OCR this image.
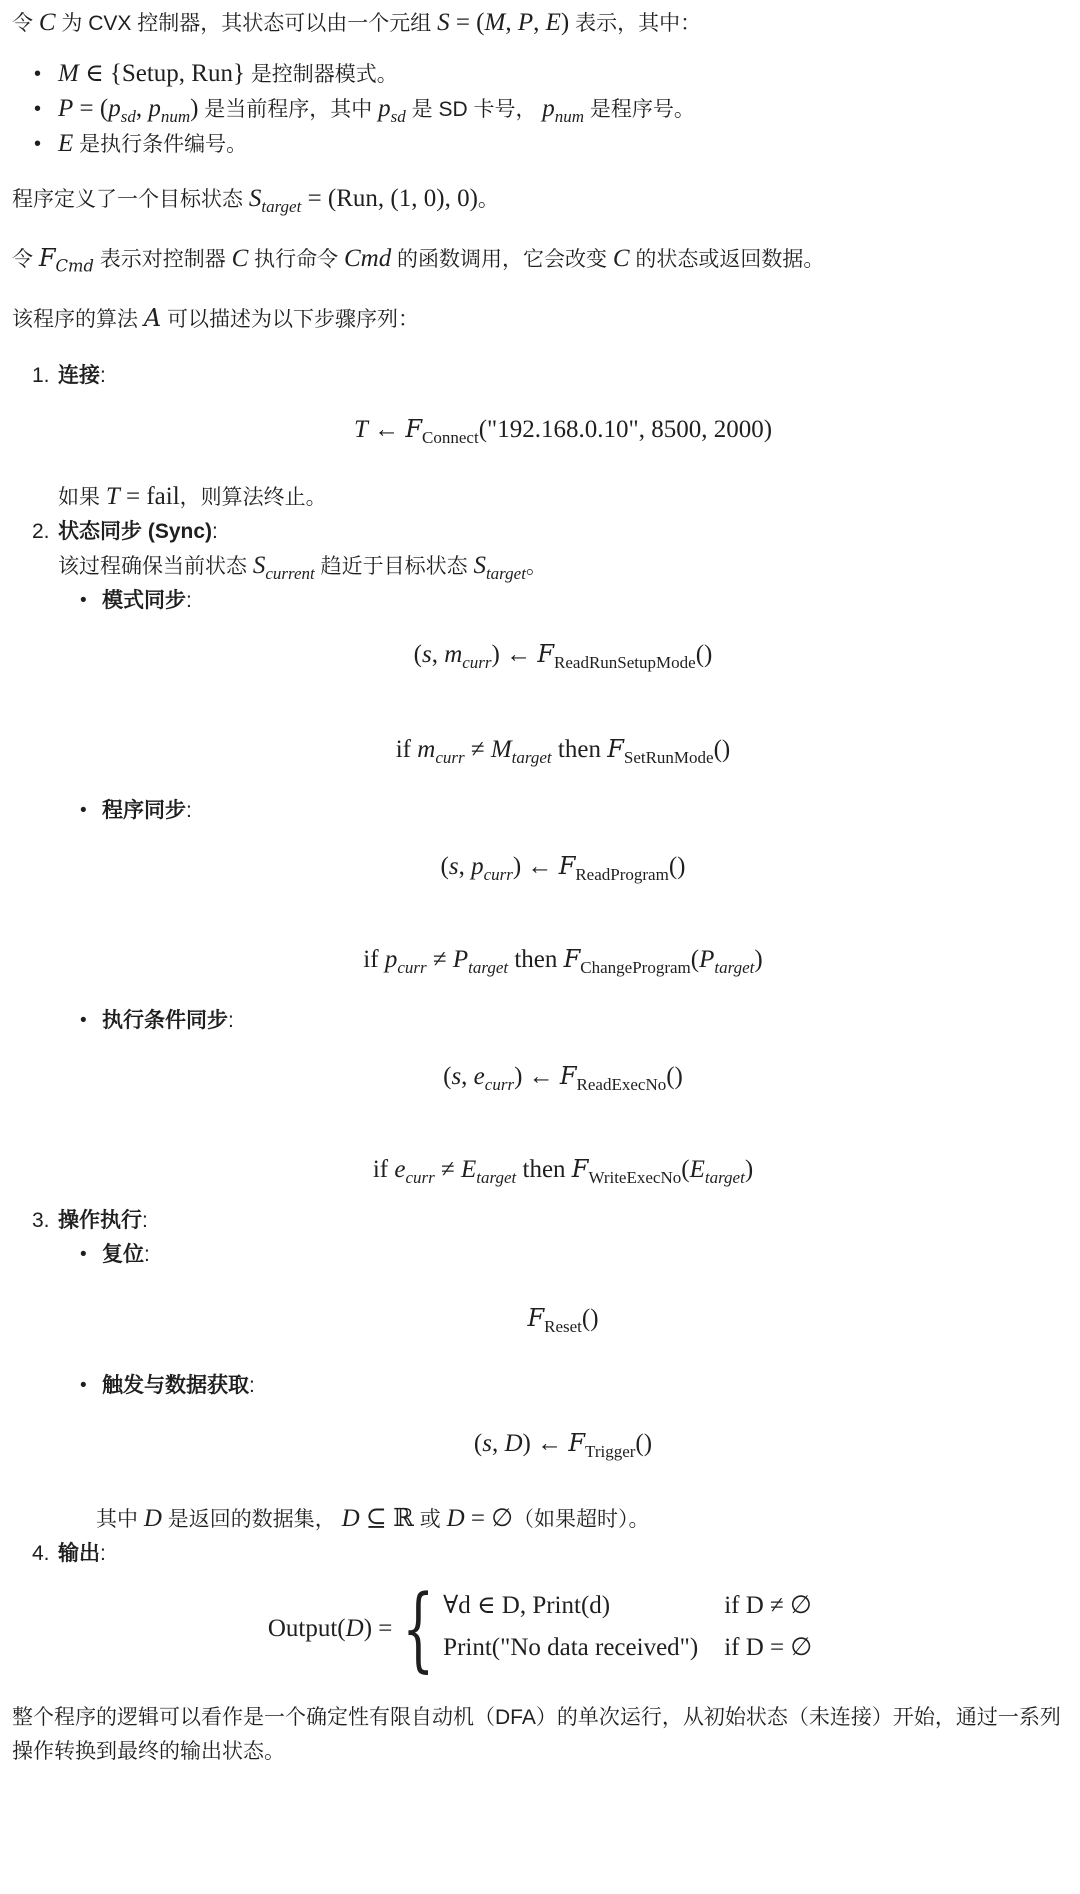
令 C 为 CVX 控制器，其状态可以由一个元组 S = (M, P, E) 表示，其中：

• M ∈ {Setup, Run} 是控制器模式。
• $P = (p_{sd}$, $p_{num}$) 是当前程序，其中 $p_{sd}$ 是 SD 卡号， $p_{num}$ 是程序号。
• E 是执行条件编号。

程序定义了一个目标状态 $S_{target} = (Run$, (1, 0), 0)。

令 $F_{Cmd}$ 表示对控制器 C 执行命令 Cmd 的函数调用，它会改变 C 的状态或返回数据。

该程序的算法 A 可以描述为以下步骤序列：

1. 连接:
T ← $F_{Connect}("192.168.0.10$", 8500, 2000)

如果 T = fail，则算法终止。

2. 状态同步 (Sync):

该过程确保当前状态 $S_{current}$ 趋近于目标状态 $S_{target}$。

• 模式同步:
(s, $m_{curr}$) ← $F_{ReadRunSetupMode}()$
if $m_{curr} \ne M_{target}$ then $F_{SetRunMode}()$
• 程序同步:
(s, $p_{curr}$) ← $F_{ReadProgram}()$
if $p_{curr} \ne P_{target}$ then $F_{ChangeProgram}(P_{target})$
• 执行条件同步:
(s, $e_{curr}$) ← $F_{ReadExecNo}()$
if $e_{curr} \ne E_{target}$ then $F_{WriteExecNo}(E_{target})$
3. 操作执行:
• 复位:
$F_{Reset}()$
• 触发与数据获取:
(s, D) ← $F_{Trigger}()$

其中 D 是返回的数据集， D ⊆ ℝ 或 D = ∅（如果超时）。

4. 输出:
Output(D) = { ∀d ∈ D, Print(d)	if D ≠ ∅
Print("No data received")	if D = ∅

整个程序的逻辑可以看作是一个确定性有限自动机（DFA）的单次运行，从初始状态（未连接）开始，通过一系列操作转换到最终的输出状态。
